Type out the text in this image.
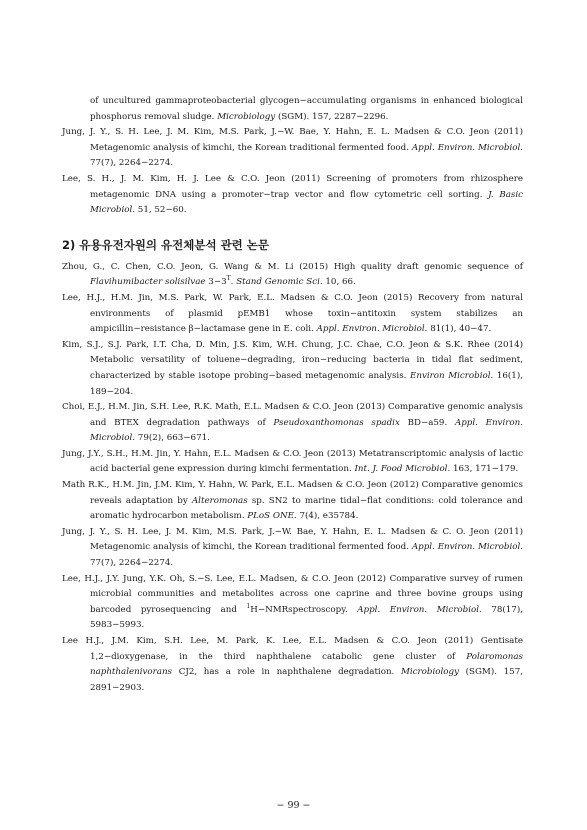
of uncultured gammaproteobacterial glycogen−accumulating organisms in enhanced biological phosphorus removal sludge. Microbiology (SGM). 157, 2287−2296.

Jung, J. Y., S. H. Lee, J. M. Kim, M.S. Park, J.−W. Bae, Y. Hahn, E. L. Madsen & C.O. Jeon (2011) Metagenomic analysis of kimchi, the Korean traditional fermented food. Appl. Environ. Microbiol. 77(7), 2264−2274.

Lee, S. H., J. M. Kim, H. J. Lee & C.O. Jeon (2011) Screening of promoters from rhizosphere metagenomic DNA using a promoter−trap vector and flow cytometric cell sorting. J. Basic Microbiol. 51, 52−60.

2) 유용유전자원의 유전체분석 관련 논문

Zhou, G., C. Chen, C.O. Jeon, G. Wang & M. Li (2015) High quality draft genomic sequence of Flavihumibacter solisilvae $3-3^T$. Stand Genomic Sci. 10, 66.

Lee, H.J., H.M. Jin, M.S. Park, W. Park, E.L. Madsen & C.O. Jeon (2015) Recovery from natural environments of plasmid pEMB1 whose toxin−antitoxin system stabilizes an ampicillin−resistance β−lactamase gene in E. coli. Appl. Environ. Microbiol. 81(1), 40−47.

Kim, S.J., S.J. Park, I.T. Cha, D. Min, J.S. Kim, W.H. Chung, J.C. Chae, C.O. Jeon & S.K. Rhee (2014) Metabolic versatility of toluene−degrading, iron−reducing bacteria in tidal flat sediment, characterized by stable isotope probing−based metagenomic analysis. Environ Microbiol. 16(1), 189−204.

Choi, E.J., H.M. Jin, S.H. Lee, R.K. Math, E.L. Madsen & C.O. Jeon (2013) Comparative genomic analysis and BTEX degradation pathways of Pseudoxanthomonas spadix BD−a59. Appl. Environ. Microbiol. 79(2), 663−671.

Jung, J.Y., S.H., H.M. Jin, Y. Hahn, E.L. Madsen & C.O. Jeon (2013) Metatranscriptomic analysis of lactic acid bacterial gene expression during kimchi fermentation. Int. J. Food Microbiol. 163, 171−179.

Math R.K., H.M. Jin, J.M. Kim, Y. Hahn, W. Park, E.L. Madsen & C.O. Jeon (2012) Comparative genomics reveals adaptation by Alteromonas sp. SN2 to marine tidal−flat conditions: cold tolerance and aromatic hydrocarbon metabolism. PLoS ONE. 7(4), e35784.

Jung, J. Y., S. H. Lee, J. M. Kim, M.S. Park, J.−W. Bae, Y. Hahn, E. L. Madsen & C. O. Jeon (2011) Metagenomic analysis of kimchi, the Korean traditional fermented food. Appl. Environ. Microbiol. 77(7), 2264−2274.

Lee, H.J., J.Y. Jung, Y.K. Oh, S.−S. Lee, E.L. Madsen, & C.O. Jeon (2012) Comparative survey of rumen microbial communities and metabolites across one caprine and three bovine groups using barcoded pyrosequencing and $^1$H−NMRspectroscopy. Appl. Environ. Microbiol. 78(17), 5983−5993.

Lee H.J., J.M. Kim, S.H. Lee, M. Park, K. Lee, E.L. Madsen & C.O. Jeon (2011) Gentisate 1,2−dioxygenase, in the third naphthalene catabolic gene cluster of Polaromonas naphthalenivorans CJ2, has a role in naphthalene degradation. Microbiology (SGM). 157, 2891−2903.

− 99 −
